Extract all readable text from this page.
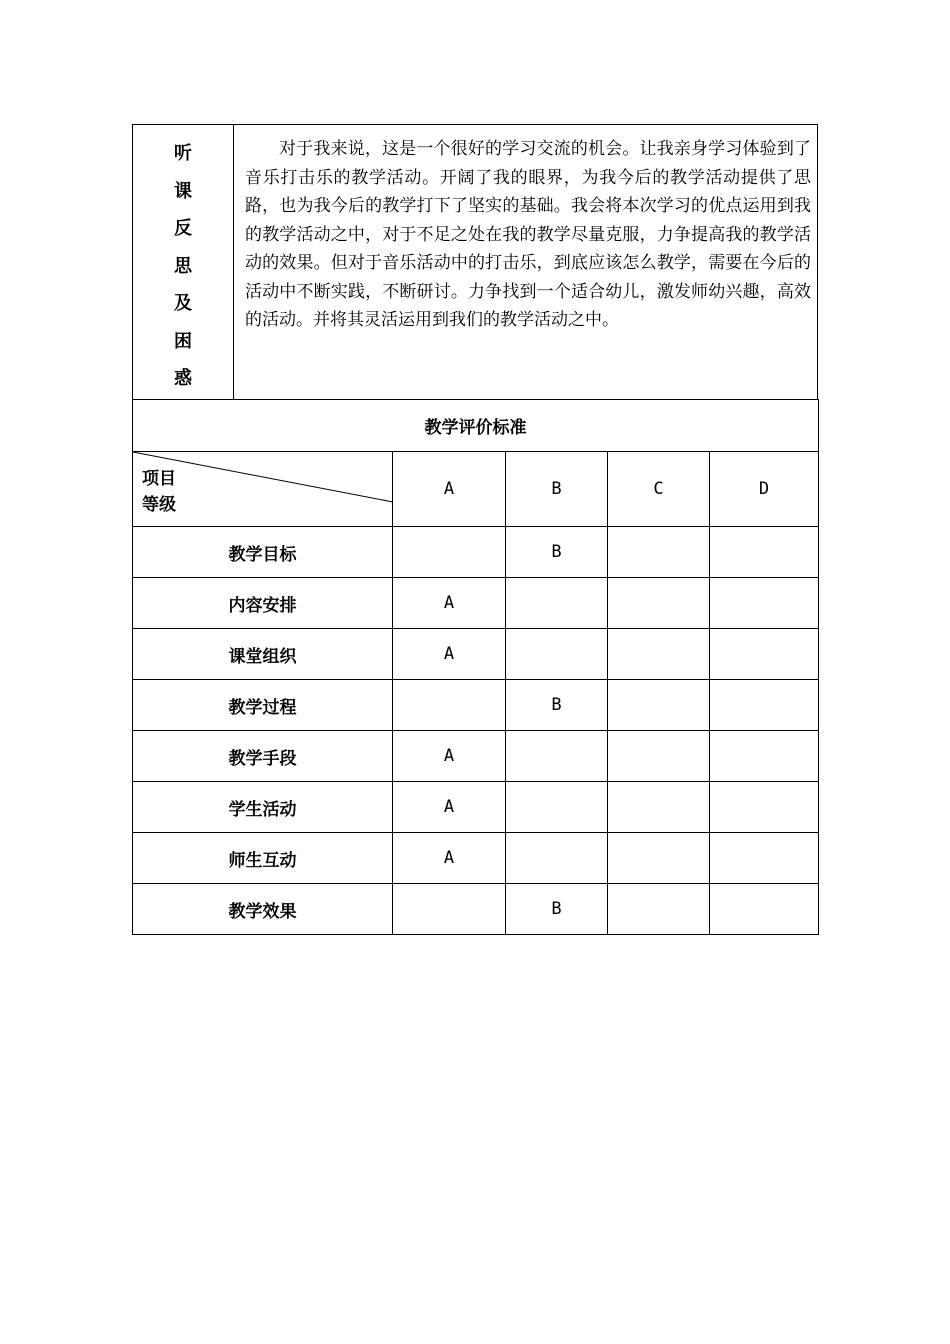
听
课
反
思
及
困
惑
对于我来说，这是一个很好的学习交流的机会。让我亲身学习体验到了音乐打击乐的教学活动。开阔了我的眼界，为我今后的教学活动提供了思路，也为我今后的教学打下了坚实的基础。我会将本次学习的优点运用到我的教学活动之中，对于不足之处在我的教学尽量克服，力争提高我的教学活动的效果。但对于音乐活动中的打击乐，到底应该怎么教学，需要在今后的活动中不断实践，不断研讨。力争找到一个适合幼儿，激发师幼兴趣，高效的活动。并将其灵活运用到我们的教学活动之中。
教学评价标准				

项目
等级	A	B	C	D
教学目标		B		
内容安排	A			
课堂组织	A			
教学过程		B		
教学手段	A			
学生活动	A			
师生互动	A			
教学效果		B		
